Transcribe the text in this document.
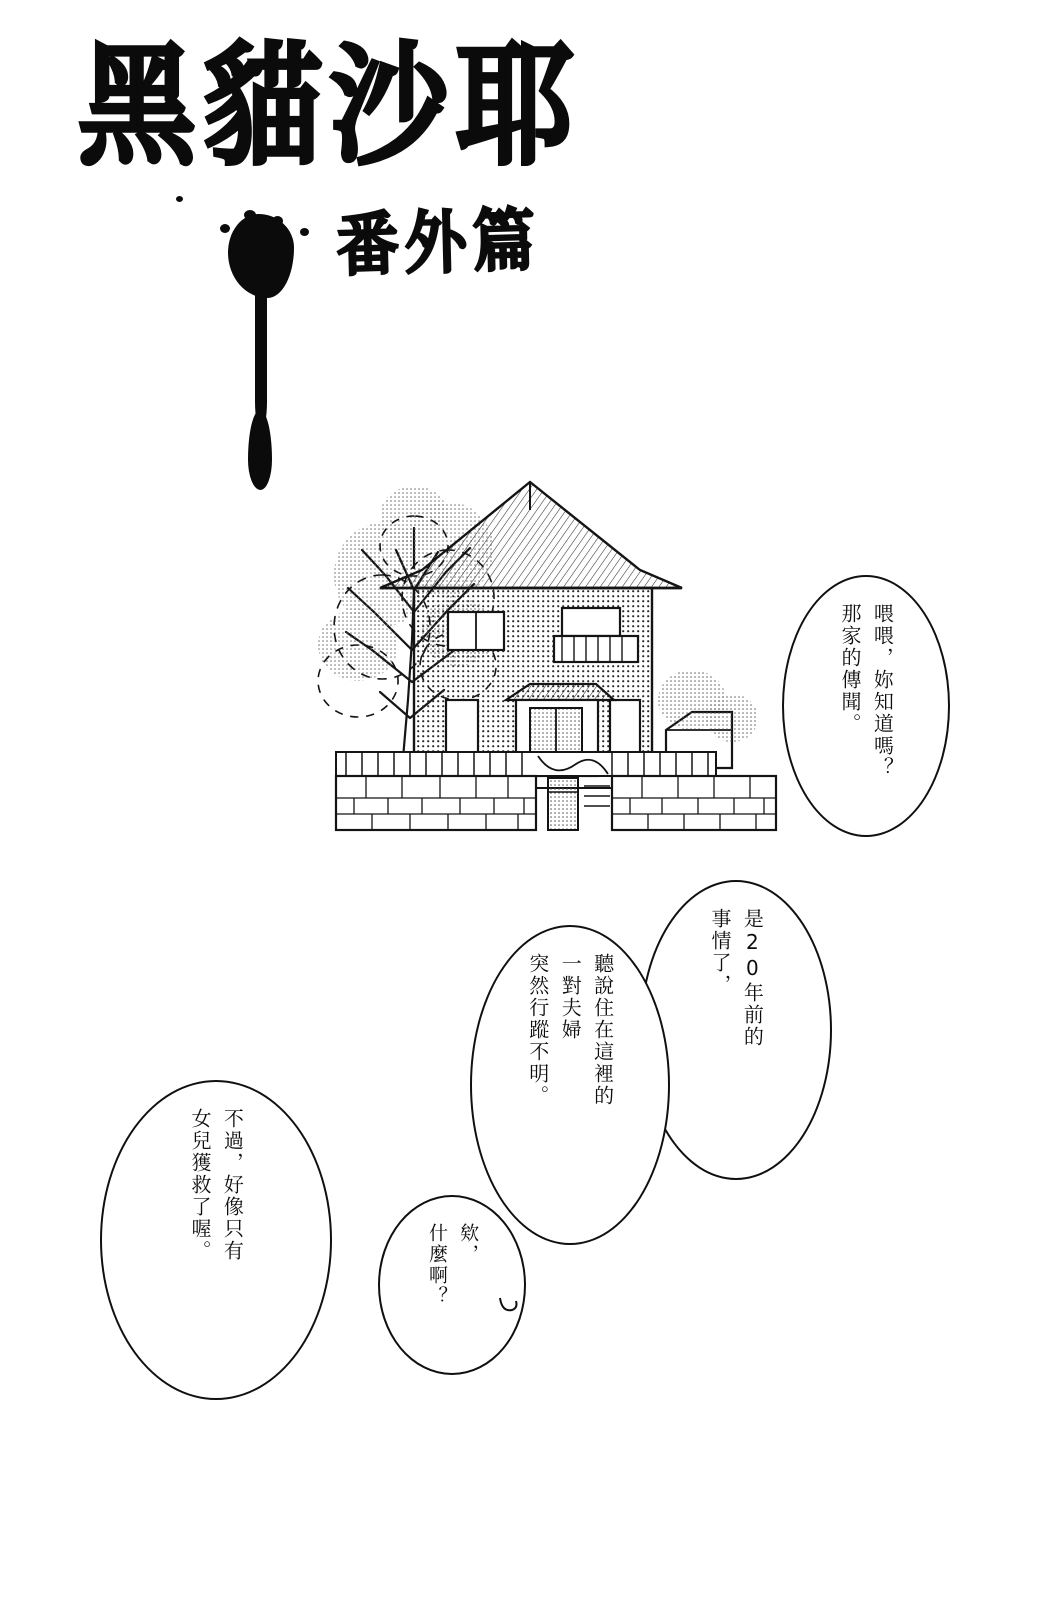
黑貓沙耶
番外篇
喂喂，妳知道嗎？
那家的傳聞。
是20年前的
事情了，
聽說住在這裡的
一對夫婦
突然行蹤不明。
欸，
什麼啊？
不過，好像只有
女兒獲救了喔。
